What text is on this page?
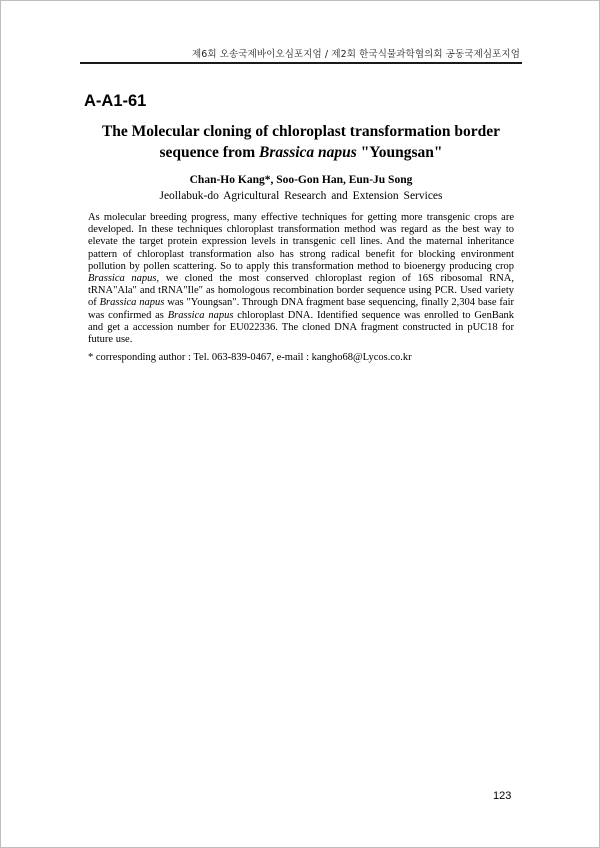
제6회 오송국제바이오심포지엄 / 제2회 한국식물과학협의회 공동국제심포지엄
A-A1-61
The Molecular cloning of chloroplast transformation border sequence from Brassica napus "Youngsan"
Chan-Ho Kang*, Soo-Gon Han, Eun-Ju Song
Jeollabuk-do Agricultural Research and Extension Services

As molecular breeding progress, many effective techniques for getting more transgenic crops are developed. In these techniques chloroplast transformation method was regard as the best way to elevate the target protein expression levels in transgenic cell lines. And the maternal inheritance pattern of chloroplast transformation also has strong radical benefit for blocking environment pollution by pollen scattering. So to apply this transformation method to bioenergy producing crop Brassica napus, we cloned the most conserved chloroplast region of 16S ribosomal RNA, tRNA"Ala" and tRNA"Ile" as homologous recombination border sequence using PCR. Used variety of Brassica napus was "Youngsan". Through DNA fragment base sequencing, finally 2,304 base fair was confirmed as Brassica napus chloroplast DNA. Identified sequence was enrolled to GenBank and get a accession number for EU022336. The cloned DNA fragment constructed in pUC18 for future use.

* corresponding author : Tel. 063-839-0467, e-mail : kangho68@Lycos.co.kr
123
